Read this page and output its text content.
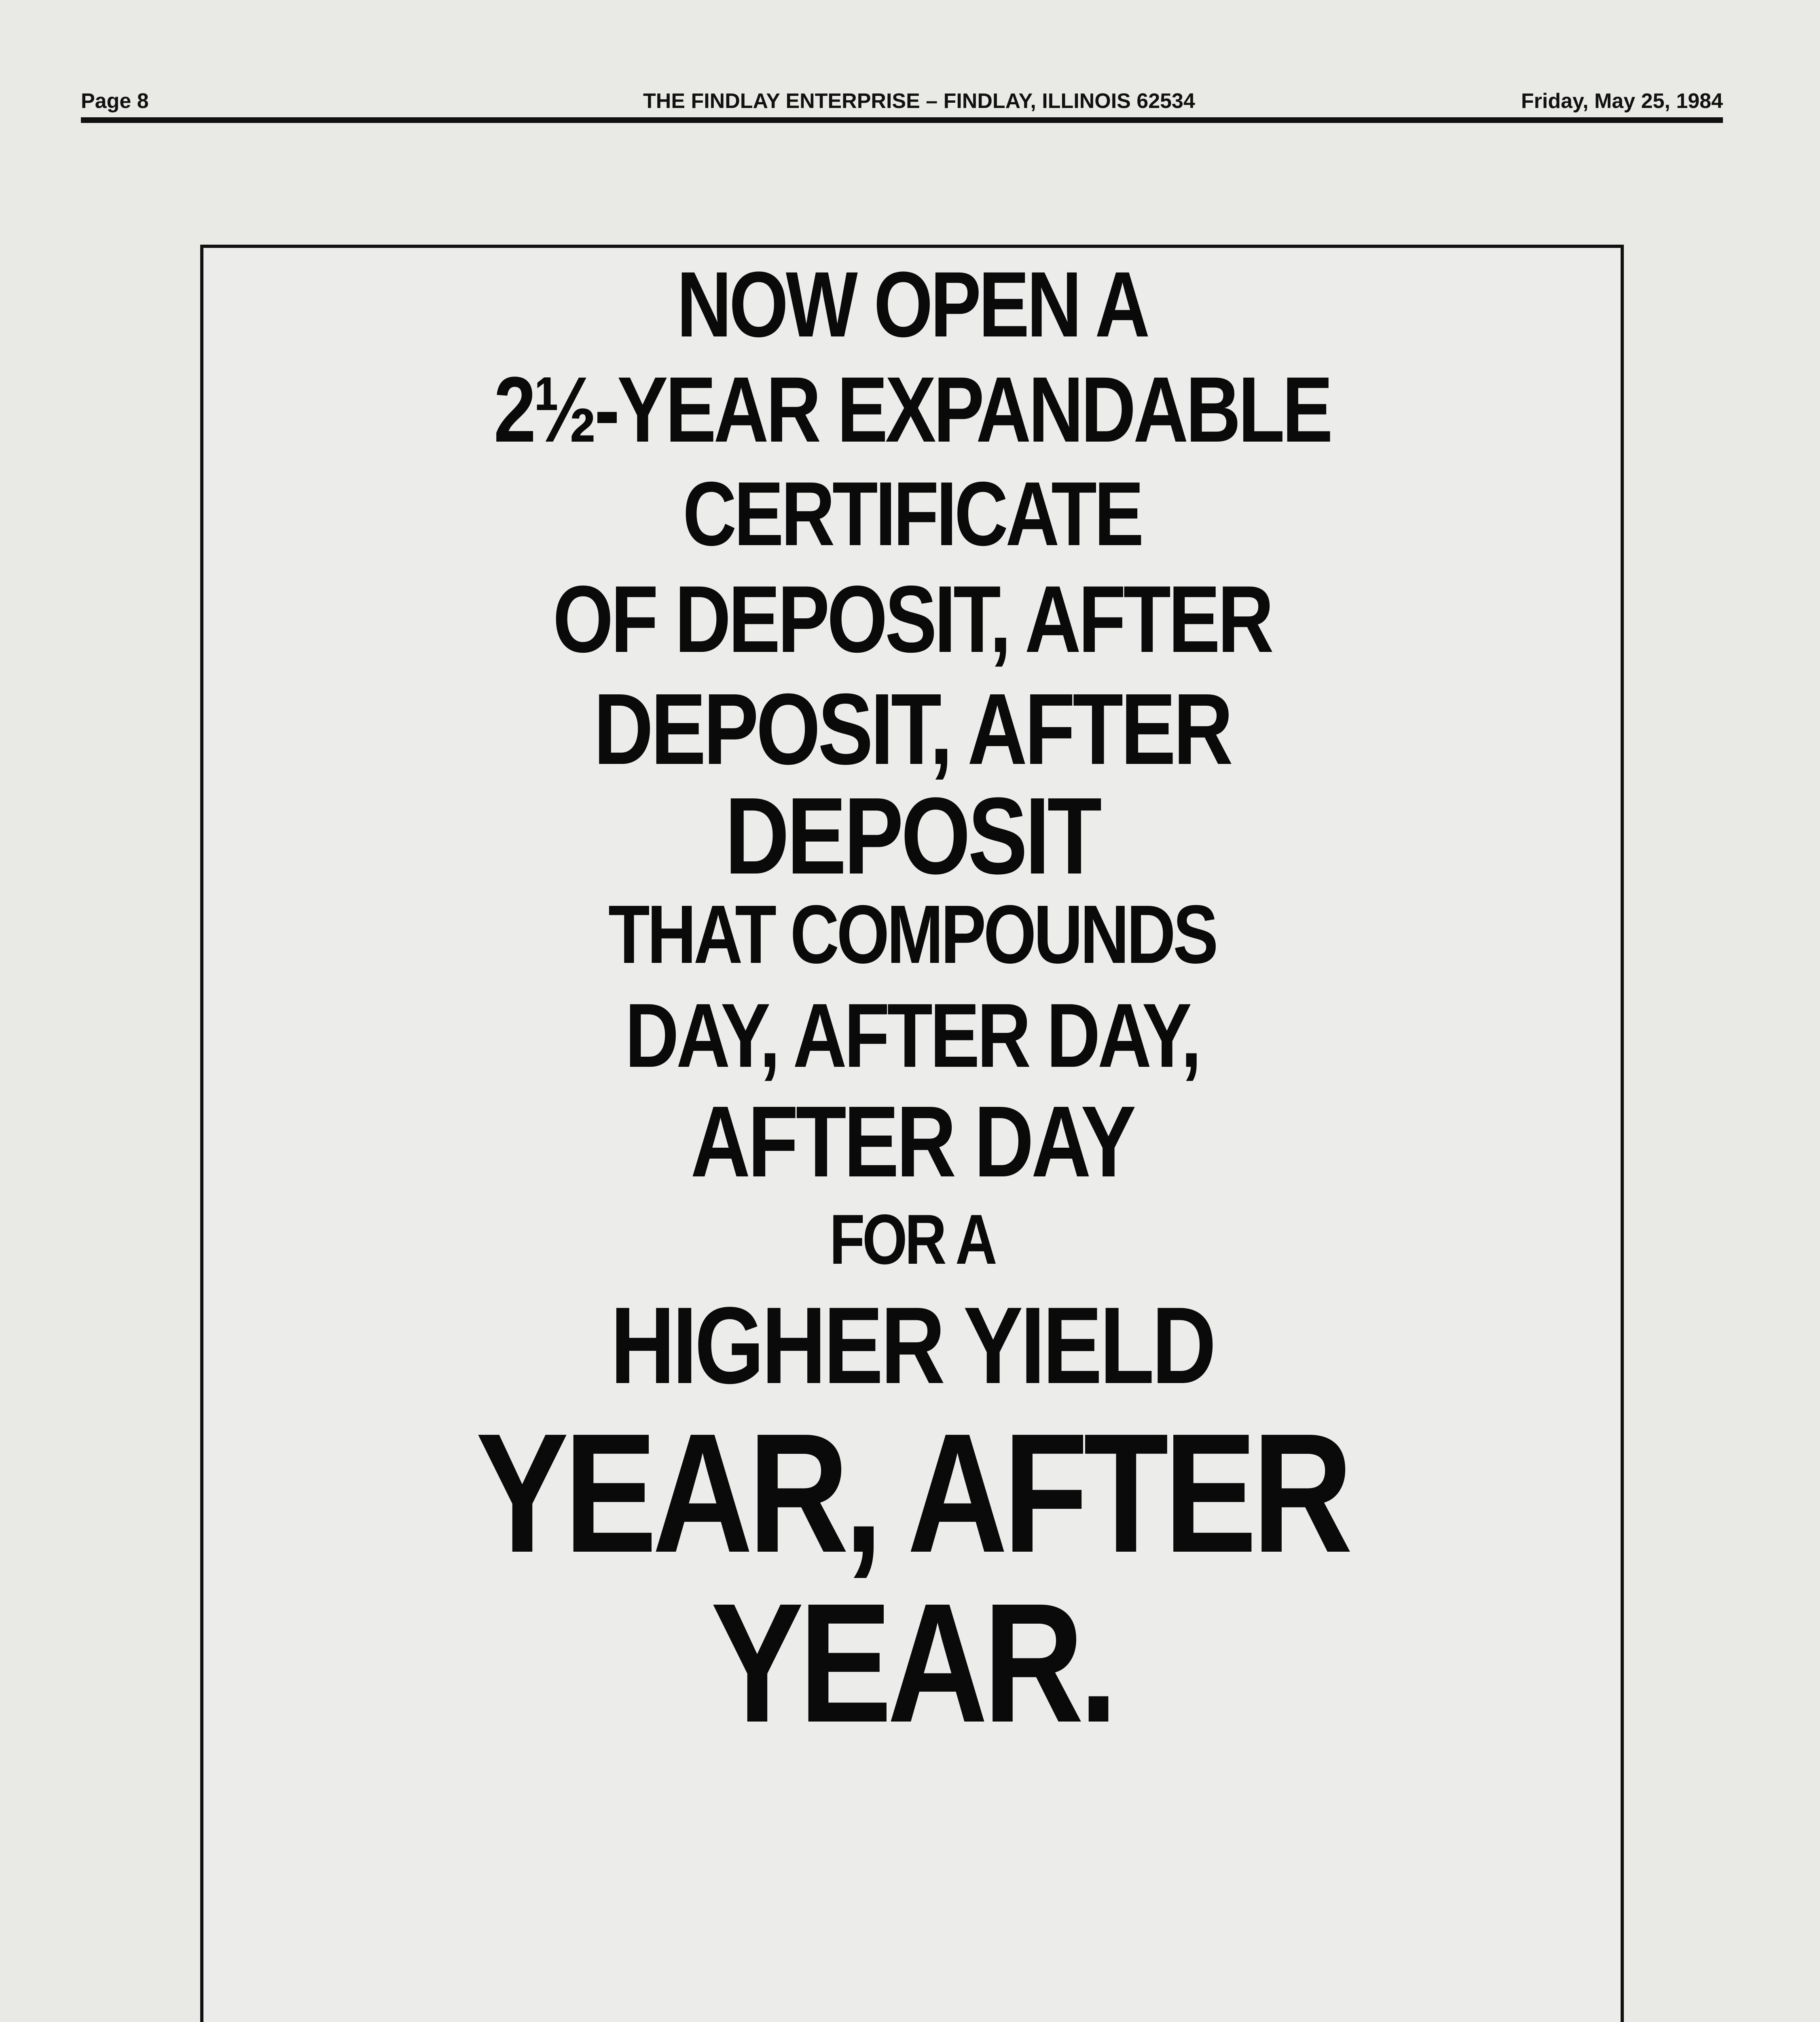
Page 8	THE FINDLAY ENTERPRISE – FINDLAY, ILLINOIS 62534	Friday, May 25, 1984
NOW OPEN A
2½-YEAR EXPANDABLE
CERTIFICATE
OF DEPOSIT, AFTER
DEPOSIT, AFTER
DEPOSIT
THAT COMPOUNDS
DAY, AFTER DAY,
AFTER DAY
FOR A
HIGHER YIELD
YEAR, AFTER
YEAR.
